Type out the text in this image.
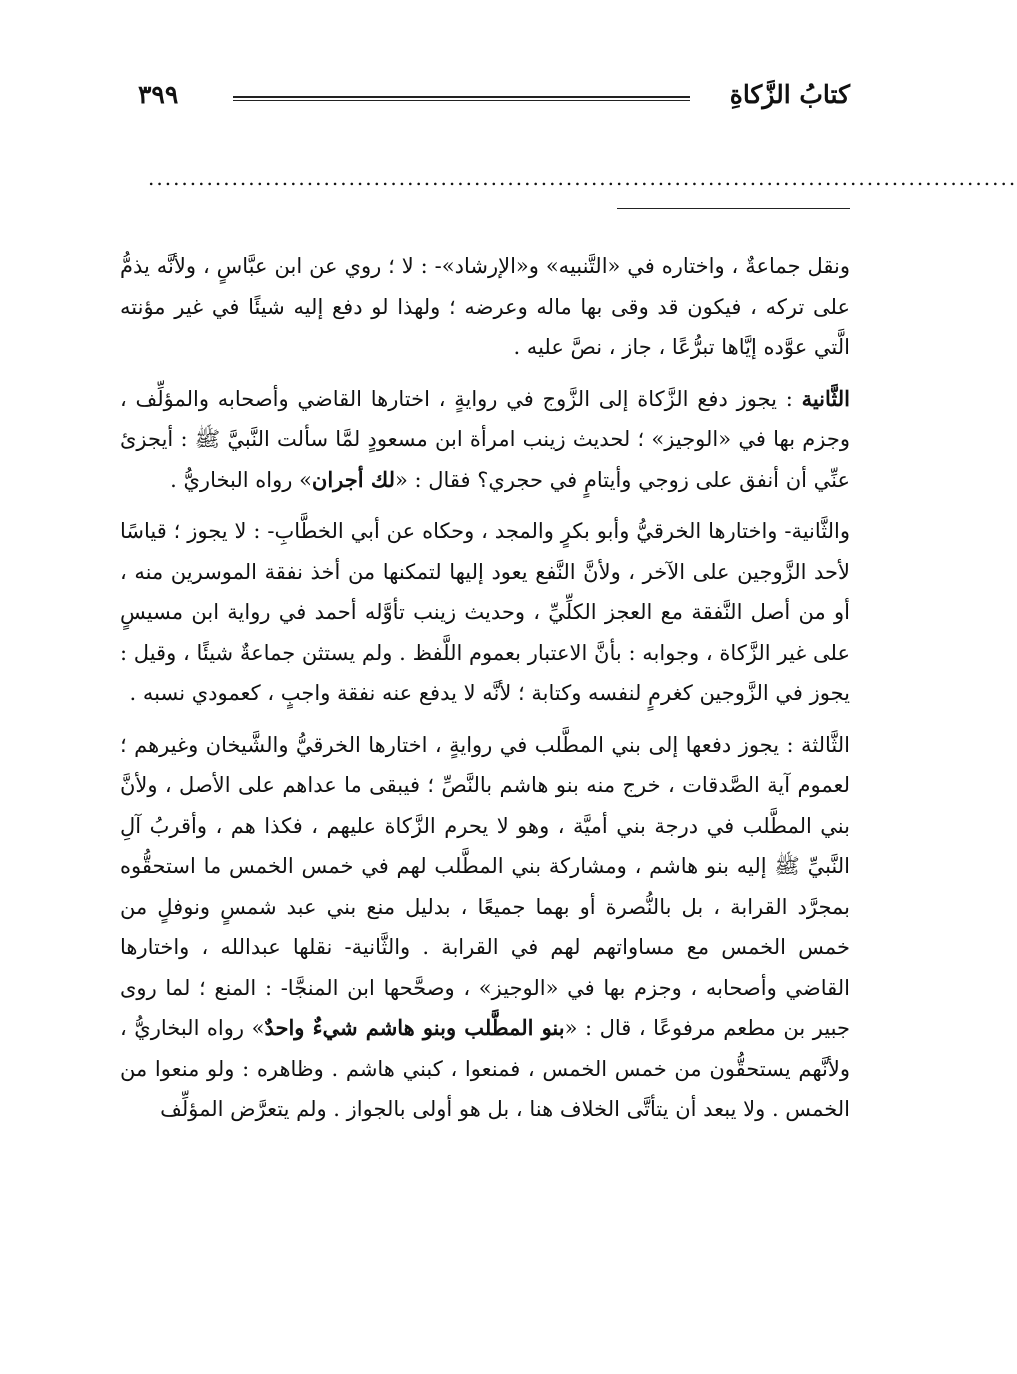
كتابُ الزَّكاةِ
٣٩٩
........................................................................................................

ونقل جماعةٌ ، واختاره في «التَّنبيه» و«الإرشاد»- : لا ؛ روي عن ابن عبَّاسٍ ، ولأنَّه يذمُّ على تركه ، فيكون قد وقى بها ماله وعرضه ؛ ولهذا لو دفع إليه شيئًا في غير مؤنته الَّتي عوَّده إيَّاها تبرُّعًا ، جاز ، نصَّ عليه .

الثَّانية : يجوز دفع الزَّكاة إلى الزَّوج في روايةٍ ، اختارها القاضي وأصحابه والمؤلِّف ، وجزم بها في «الوجيز» ؛ لحديث زينب امرأة ابن مسعودٍ لمَّا سألت النَّبيَّ ﷺ : أيجزئ عنِّي أن أنفق على زوجي وأيتامٍ في حجري؟ فقال : «لك أجران» رواه البخاريُّ .

والثَّانية- واختارها الخرقيُّ وأبو بكرٍ والمجد ، وحكاه عن أبي الخطَّابِ- : لا يجوز ؛ قياسًا لأحد الزَّوجين على الآخر ، ولأنَّ النَّفع يعود إليها لتمكنها من أخذ نفقة الموسرين منه ، أو من أصل النَّفقة مع العجز الكلِّيِّ ، وحديث زينب تأوَّله أحمد في رواية ابن مسيسٍ على غير الزَّكاة ، وجوابه : بأنَّ الاعتبار بعموم اللَّفظ . ولم يستثن جماعةٌ شيئًا ، وقيل : يجوز في الزَّوجين كغرمٍ لنفسه وكتابة ؛ لأنَّه لا يدفع عنه نفقة واجبٍ ، كعمودي نسبه .

الثَّالثة : يجوز دفعها إلى بني المطَّلب في روايةٍ ، اختارها الخرقيُّ والشَّيخان وغيرهم ؛ لعموم آية الصَّدقات ، خرج منه بنو هاشم بالنَّصِّ ؛ فيبقى ما عداهم على الأصل ، ولأنَّ بني المطَّلب في درجة بني أميَّة ، وهو لا يحرم الزَّكاة عليهم ، فكذا هم ، وأقربُ آلِ النَّبيِّ ﷺ إليه بنو هاشم ، ومشاركة بني المطَّلب لهم في خمس الخمس ما استحقُّوه بمجرَّد القرابة ، بل بالنُّصرة أو بهما جميعًا ، بدليل منع بني عبد شمسٍ ونوفلٍ من خمس الخمس مع مساواتهم لهم في القرابة . والثَّانية- نقلها عبدالله ، واختارها القاضي وأصحابه ، وجزم بها في «الوجيز» ، وصحَّحها ابن المنجَّا- : المنع ؛ لما روى جبير بن مطعم مرفوعًا ، قال : «بنو المطَّلب وبنو هاشم شيءٌ واحدٌ» رواه البخاريُّ ، ولأنَّهم يستحقُّون من خمس الخمس ، فمنعوا ، كبني هاشم . وظاهره : ولو منعوا من الخمس . ولا يبعد أن يتأتَّى الخلاف هنا ، بل هو أولى بالجواز . ولم يتعرَّض المؤلِّف
